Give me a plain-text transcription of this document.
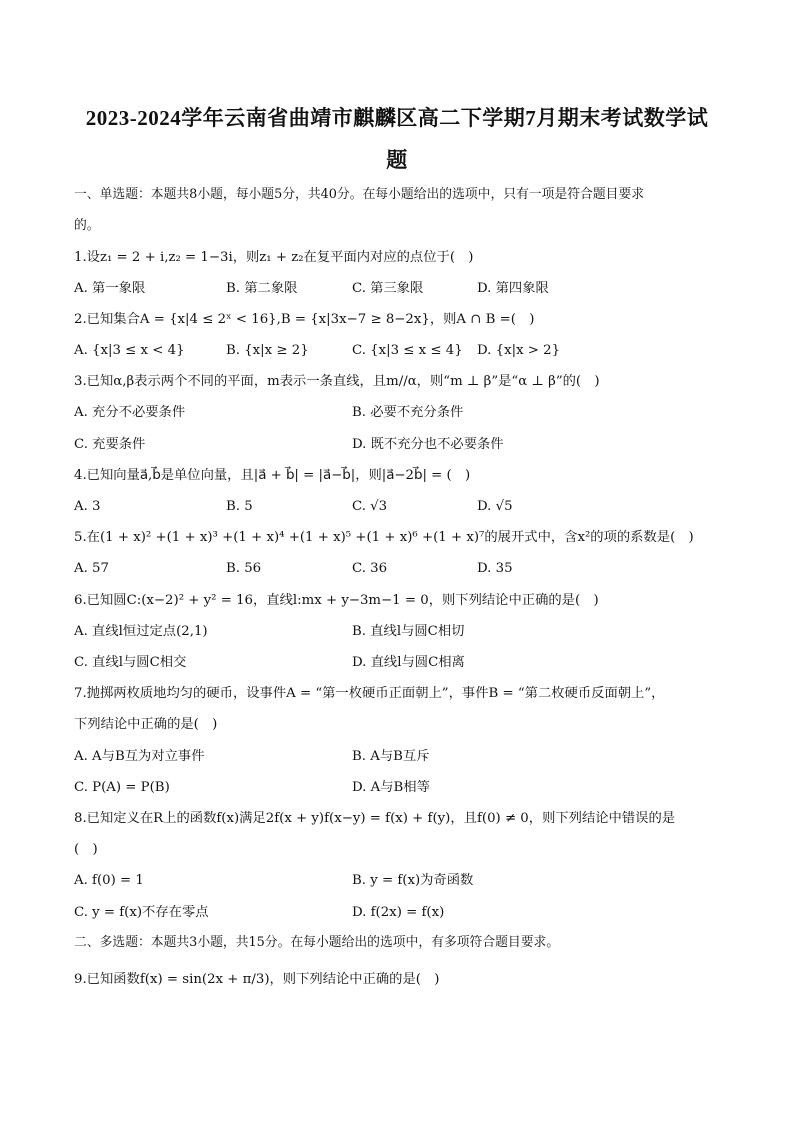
2023-2024学年云南省曲靖市麒麟区高二下学期7月期末考试数学试
题
一、单选题：本题共8小题，每小题5分，共40分。在每小题给出的选项中，只有一项是符合题目要求
的。
1.设z₁ = 2 + i,z₂ = 1−3i，则z₁ + z₂在复平面内对应的点位于(　)
A. 第一象限	B. 第二象限	C. 第三象限	D. 第四象限
2.已知集合A = {x|4 ≤ 2ˣ < 16},B = {x|3x−7 ≥ 8−2x}，则A ∩ B =(　)
A. {x|3 ≤ x < 4}	B. {x|x ≥ 2}	C. {x|3 ≤ x ≤ 4} D. {x|x > 2}
3.已知α,β表示两个不同的平面，m表示一条直线，且m//α，则“m ⊥ β”是“α ⊥ β”的(　)
A. 充分不必要条件	B. 必要不充分条件
C. 充要条件	D. 既不充分也不必要条件
4.已知向量a⃗,b⃗是单位向量，且|a⃗ + b⃗| = |a⃗−b⃗|，则|a⃗−2b⃗| = (　)
A. 3	B. 5	C. √3	D. √5
5.在(1 + x)² +(1 + x)³ +(1 + x)⁴ +(1 + x)⁵ +(1 + x)⁶ +(1 + x)⁷的展开式中，含x²的项的系数是(　)
A. 57	B. 56	C. 36	D. 35
6.已知圆C:(x−2)² + y² = 16，直线l:mx + y−3m−1 = 0，则下列结论中正确的是(　)
A. 直线l恒过定点(2,1)	B. 直线l与圆C相切
C. 直线l与圆C相交	D. 直线l与圆C相离
7.抛掷两枚质地均匀的硬币，设事件A = “第一枚硬币正面朝上”，事件B = “第二枚硬币反面朝上”，
下列结论中正确的是(　)
A. A与B互为对立事件	B. A与B互斥
C. P(A) = P(B)	D. A与B相等
8.已知定义在R上的函数f(x)满足2f(x + y)f(x−y) = f(x) + f(y)，且f(0) ≠ 0，则下列结论中错误的是
(　)
A. f(0) = 1	B. y = f(x)为奇函数
C. y = f(x)不存在零点	D. f(2x) = f(x)
二、多选题：本题共3小题，共15分。在每小题给出的选项中，有多项符合题目要求。
9.已知函数f(x) = sin(2x + π/3)，则下列结论中正确的是(　)
